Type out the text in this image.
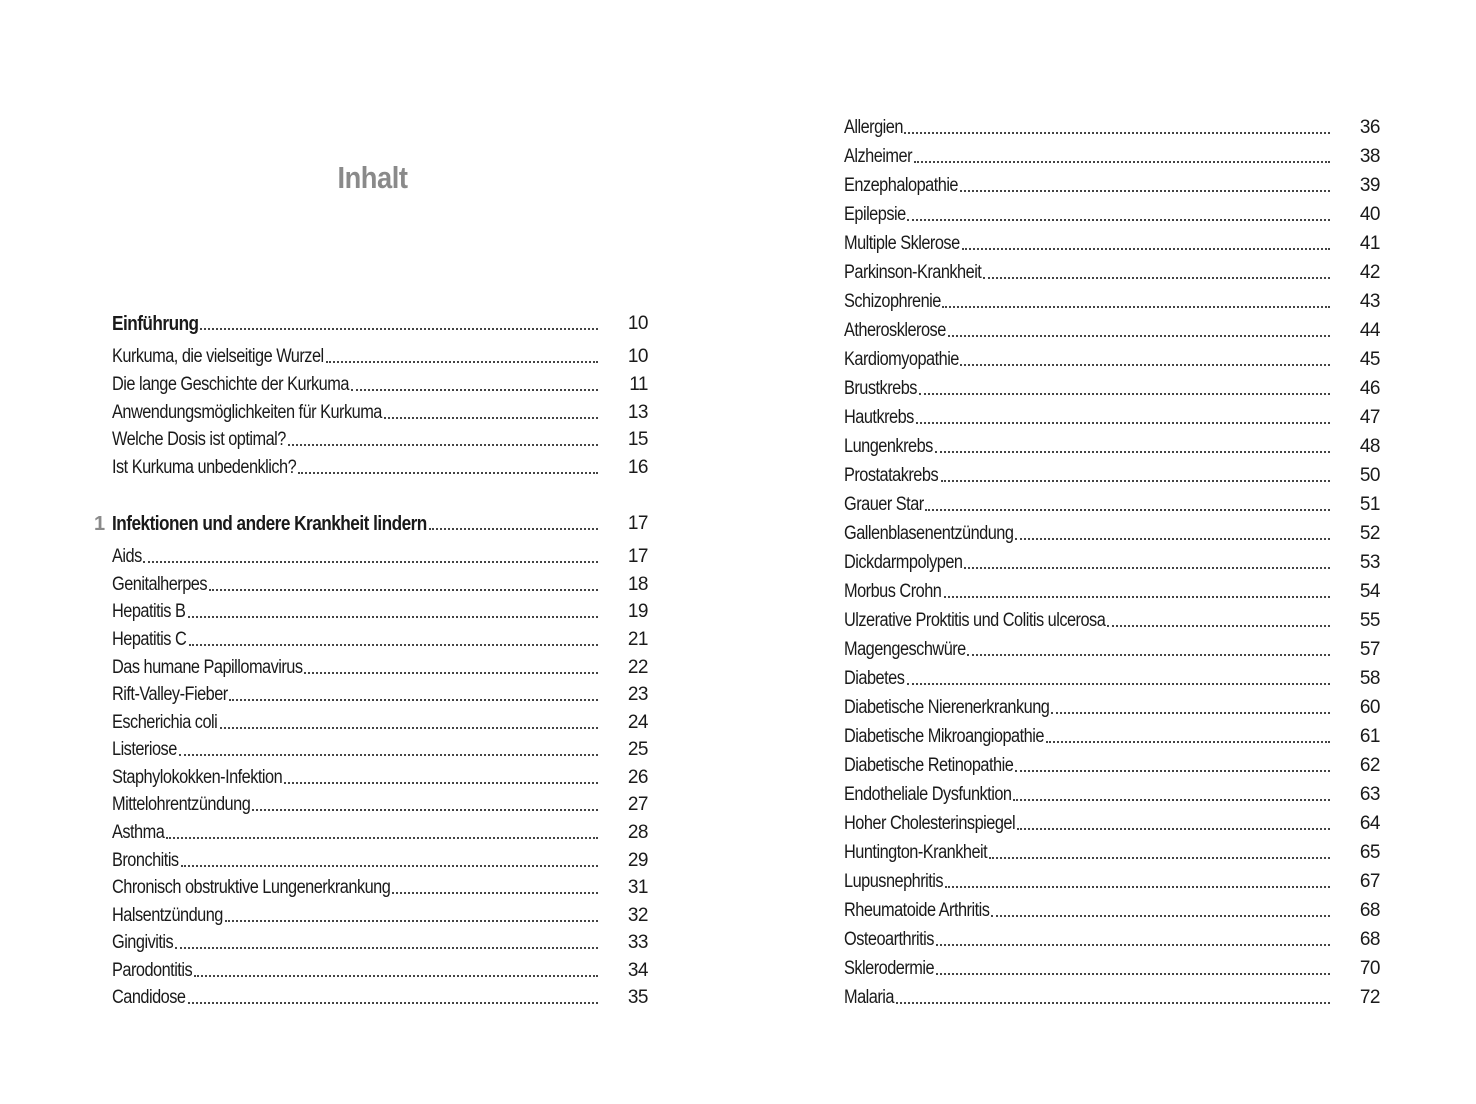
Inhalt
Einführung	10
Kurkuma, die vielseitige Wurzel	10
Die lange Geschichte der Kurkuma	11
Anwendungsmöglichkeiten für Kurkuma	13
Welche Dosis ist optimal?	15
Ist Kurkuma unbedenklich?	16
1 Infektionen und andere Krankheit lindern	17
Aids	17
Genitalherpes	18
Hepatitis B	19
Hepatitis C	21
Das humane Papillomavirus	22
Rift-Valley-Fieber	23
Escherichia coli	24
Listeriose	25
Staphylokokken-Infektion	26
Mittelohrentzündung	27
Asthma	28
Bronchitis	29
Chronisch obstruktive Lungenerkrankung	31
Halsentzündung	32
Gingivitis	33
Parodontitis	34
Candidose	35
Allergien	36
Alzheimer	38
Enzephalopathie	39
Epilepsie	40
Multiple Sklerose	41
Parkinson-Krankheit	42
Schizophrenie	43
Atherosklerose	44
Kardiomyopathie	45
Brustkrebs	46
Hautkrebs	47
Lungenkrebs	48
Prostatakrebs	50
Grauer Star	51
Gallenblasenentzündung	52
Dickdarmpolypen	53
Morbus Crohn	54
Ulzerative Proktitis und Colitis ulcerosa	55
Magengeschwüre	57
Diabetes	58
Diabetische Nierenerkrankung	60
Diabetische Mikroangiopathie	61
Diabetische Retinopathie	62
Endotheliale Dysfunktion	63
Hoher Cholesterinspiegel	64
Huntington-Krankheit	65
Lupusnephritis	67
Rheumatoide Arthritis	68
Osteoarthritis	68
Sklerodermie	70
Malaria	72
